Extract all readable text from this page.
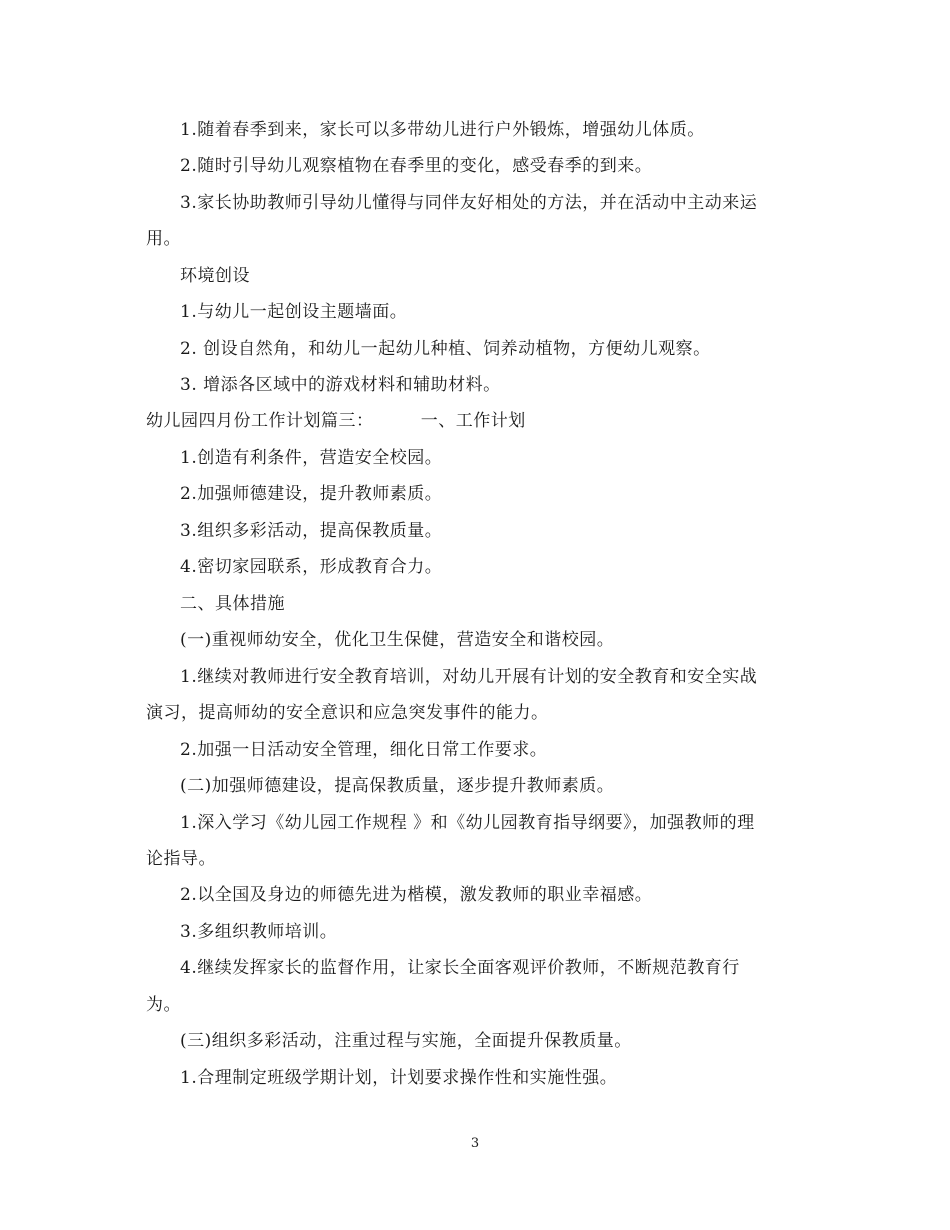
1.随着春季到来，家长可以多带幼儿进行户外锻炼，增强幼儿体质。
2.随时引导幼儿观察植物在春季里的变化，感受春季的到来。
3.家长协助教师引导幼儿懂得与同伴友好相处的方法，并在活动中主动来运
用。
环境创设
1.与幼儿一起创设主题墙面。
2. 创设自然角，和幼儿一起幼儿种植、饲养动植物，方便幼儿观察。
3. 增添各区域中的游戏材料和辅助材料。
幼儿园四月份工作计划篇三：        一、工作计划
1.创造有利条件，营造安全校园。
2.加强师德建设，提升教师素质。
3.组织多彩活动，提高保教质量。
4.密切家园联系，形成教育合力。
二、具体措施
(一)重视师幼安全，优化卫生保健，营造安全和谐校园。
1.继续对教师进行安全教育培训，对幼儿开展有计划的安全教育和安全实战
演习，提高师幼的安全意识和应急突发事件的能力。
2.加强一日活动安全管理，细化日常工作要求。
(二)加强师德建设，提高保教质量，逐步提升教师素质。
1.深入学习《幼儿园工作规程 》和《幼儿园教育指导纲要》，加强教师的理
论指导。
2.以全国及身边的师德先进为楷模，激发教师的职业幸福感。
3.多组织教师培训。
4.继续发挥家长的监督作用，让家长全面客观评价教师，不断规范教育行
为。
(三)组织多彩活动，注重过程与实施，全面提升保教质量。
1.合理制定班级学期计划，计划要求操作性和实施性强。
3
